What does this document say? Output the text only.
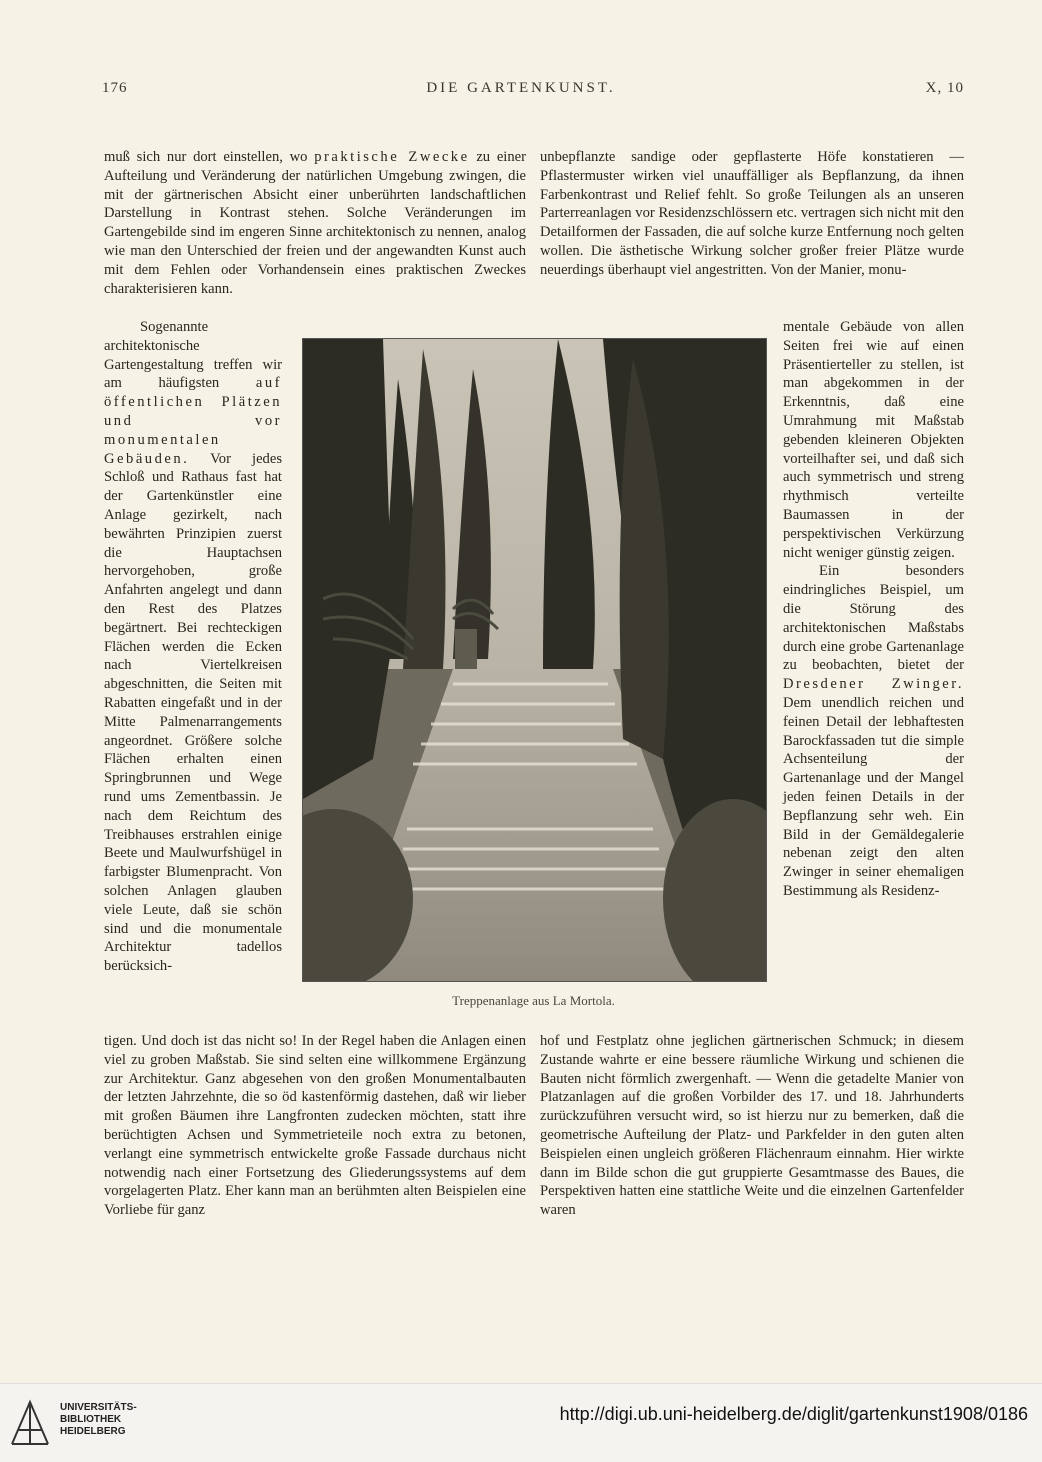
176	DIE GARTENKUNST.	X, 10

muß sich nur dort einstellen, wo praktische Zwecke zu einer Aufteilung und Veränderung der natürlichen Umgebung zwingen, die mit der gärtnerischen Absicht einer unberührten landschaftlichen Darstellung in Kontrast stehen. Solche Veränderungen im Gartengebilde sind im engeren Sinne architektonisch zu nennen, analog wie man den Unterschied der freien und der angewandten Kunst auch mit dem Fehlen oder Vorhandensein eines praktischen Zweckes charakterisieren kann.

unbepflanzte sandige oder gepflasterte Höfe konstatieren — Pflastermuster wirken viel unauffälliger als Bepflanzung, da ihnen Farbenkontrast und Relief fehlt. So große Teilungen als an unseren Parterreanlagen vor Residenzschlössern etc. vertragen sich nicht mit den Detailformen der Fassaden, die auf solche kurze Entfernung noch gelten wollen. Die ästhetische Wirkung solcher großer freier Plätze wurde neuerdings überhaupt viel angestritten. Von der Manier, monu-

Sogenannte architektonische Gartengestaltung treffen wir am häufigsten	auf öffentlichen Plätzen und vor monumentalen Gebäuden. Vor jedes Schloß und Rathaus fast hat der Gartenkünstler eine Anlage gezirkelt, nach bewährten Prinzipien zuerst die Hauptachsen hervorgehoben, große Anfahrten angelegt und dann den Rest des Platzes begärtnert. Bei rechteckigen Flächen werden die Ecken nach Viertelkreisen abgeschnitten, die Seiten mit Rabatten eingefaßt und in der Mitte Palmenarrangements angeordnet. Größere solche Flächen erhalten einen Springbrunnen und Wege rund ums Zementbassin. Je nach dem Reichtum des Treibhauses erstrahlen einige Beete und Maulwurfshügel in farbigster Blumenpracht. Von solchen Anlagen glauben viele Leute, daß sie schön sind und die monumentale Architektur tadellos berücksich-

Treppenanlage aus La Mortola.

mentale Gebäude von allen Seiten frei wie auf einen Präsentierteller zu stellen, ist man abgekommen in der Erkenntnis, daß eine Umrahmung mit Maßstab gebenden kleineren Objekten vorteilhafter sei, und daß sich auch symmetrisch und streng rhythmisch verteilte Baumassen in der perspektivischen Verkürzung nicht weniger günstig zeigen.

Ein besonders eindringliches Beispiel, um die Störung des architektonischen Maßstabs durch eine grobe Gartenanlage zu beobachten, bietet der Dresdener Zwinger. Dem unendlich reichen und feinen Detail der lebhaftesten Barockfassaden tut die simple Achsenteilung der Gartenanlage und der Mangel jeden feinen Details in der Bepflanzung sehr weh. Ein Bild in der Gemäldegalerie nebenan zeigt den alten Zwinger in seiner ehemaligen Bestimmung als Residenz-

tigen. Und doch ist das nicht so! In der Regel haben die Anlagen einen viel zu groben Maßstab. Sie sind selten eine willkommene Ergänzung zur Architektur. Ganz abgesehen von den großen Monumentalbauten der letzten Jahrzehnte, die so öd kastenförmig dastehen, daß wir lieber mit großen Bäumen ihre Langfronten zudecken möchten, statt ihre berüchtigten Achsen und Symmetrieteile noch extra zu betonen, verlangt eine symmetrisch entwickelte große Fassade durchaus nicht notwendig nach einer Fortsetzung des Gliederungssystems auf dem vorgelagerten Platz. Eher kann man an berühmten alten Beispielen eine Vorliebe für ganz

hof und Festplatz ohne jeglichen gärtnerischen Schmuck; in diesem Zustande wahrte er eine bessere räumliche Wirkung und schienen die Bauten nicht förmlich zwergenhaft. — Wenn die getadelte Manier von Platzanlagen auf die großen Vorbilder des 17. und 18. Jahrhunderts zurückzuführen versucht wird, so ist hierzu nur zu bemerken, daß die geometrische Aufteilung der Platz- und Parkfelder in den guten alten Beispielen einen ungleich größeren Flächenraum einnahm. Hier wirkte dann im Bilde schon die gut gruppierte Gesamtmasse des Baues, die Perspektiven hatten eine stattliche Weite und die einzelnen Gartenfelder waren

UNIVERSITÄTS-
BIBLIOTHEK
HEIDELBERG
http://digi.ub.uni-heidelberg.de/diglit/gartenkunst1908/0186
